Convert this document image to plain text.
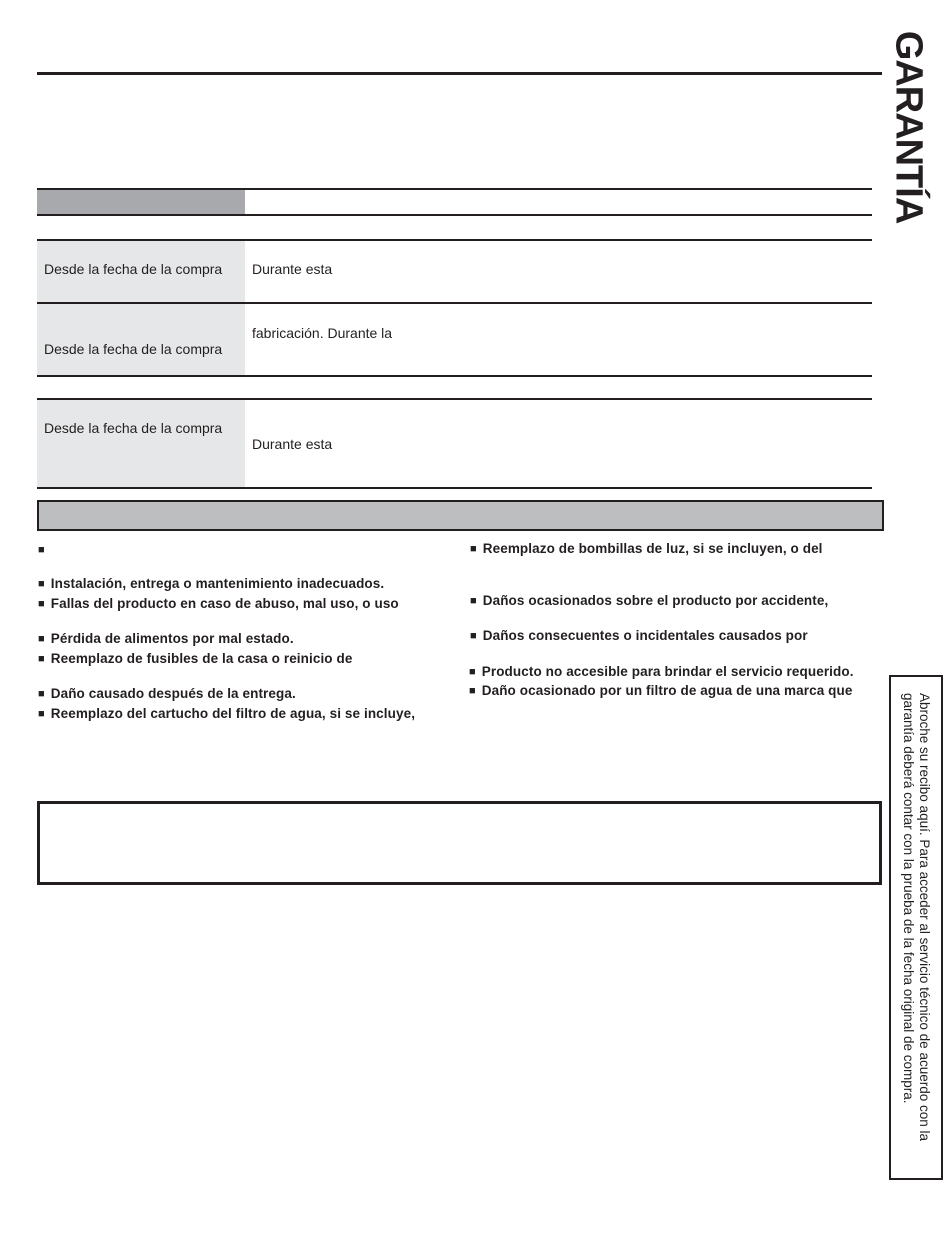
GARANTÍA
Desde la fecha de la compra Durante esta
Desde la fecha de la compra
fabricación. Durante la
Desde la fecha de la compra
Durante esta
■
■ Instalación, entrega o mantenimiento inadecuados.
■ Fallas del producto en caso de abuso, mal uso, o uso
■ Pérdida de alimentos por mal estado.
■ Reemplazo de fusibles de la casa o reinicio de
■ Daño causado después de la entrega.
■ Reemplazo del cartucho del filtro de agua, si se incluye,
■ Reemplazo de bombillas de luz, si se incluyen, o del
■ Daños ocasionados sobre el producto por accidente,
■ Daños consecuentes o incidentales causados por
■ Producto no accesible para brindar el servicio requerido.
■ Daño ocasionado por un filtro de agua de una marca que
Abroche su recibo aquí. Para acceder al servicio técnico de acuerdo con la garantía deberá contar con la prueba de la fecha original de compra.
